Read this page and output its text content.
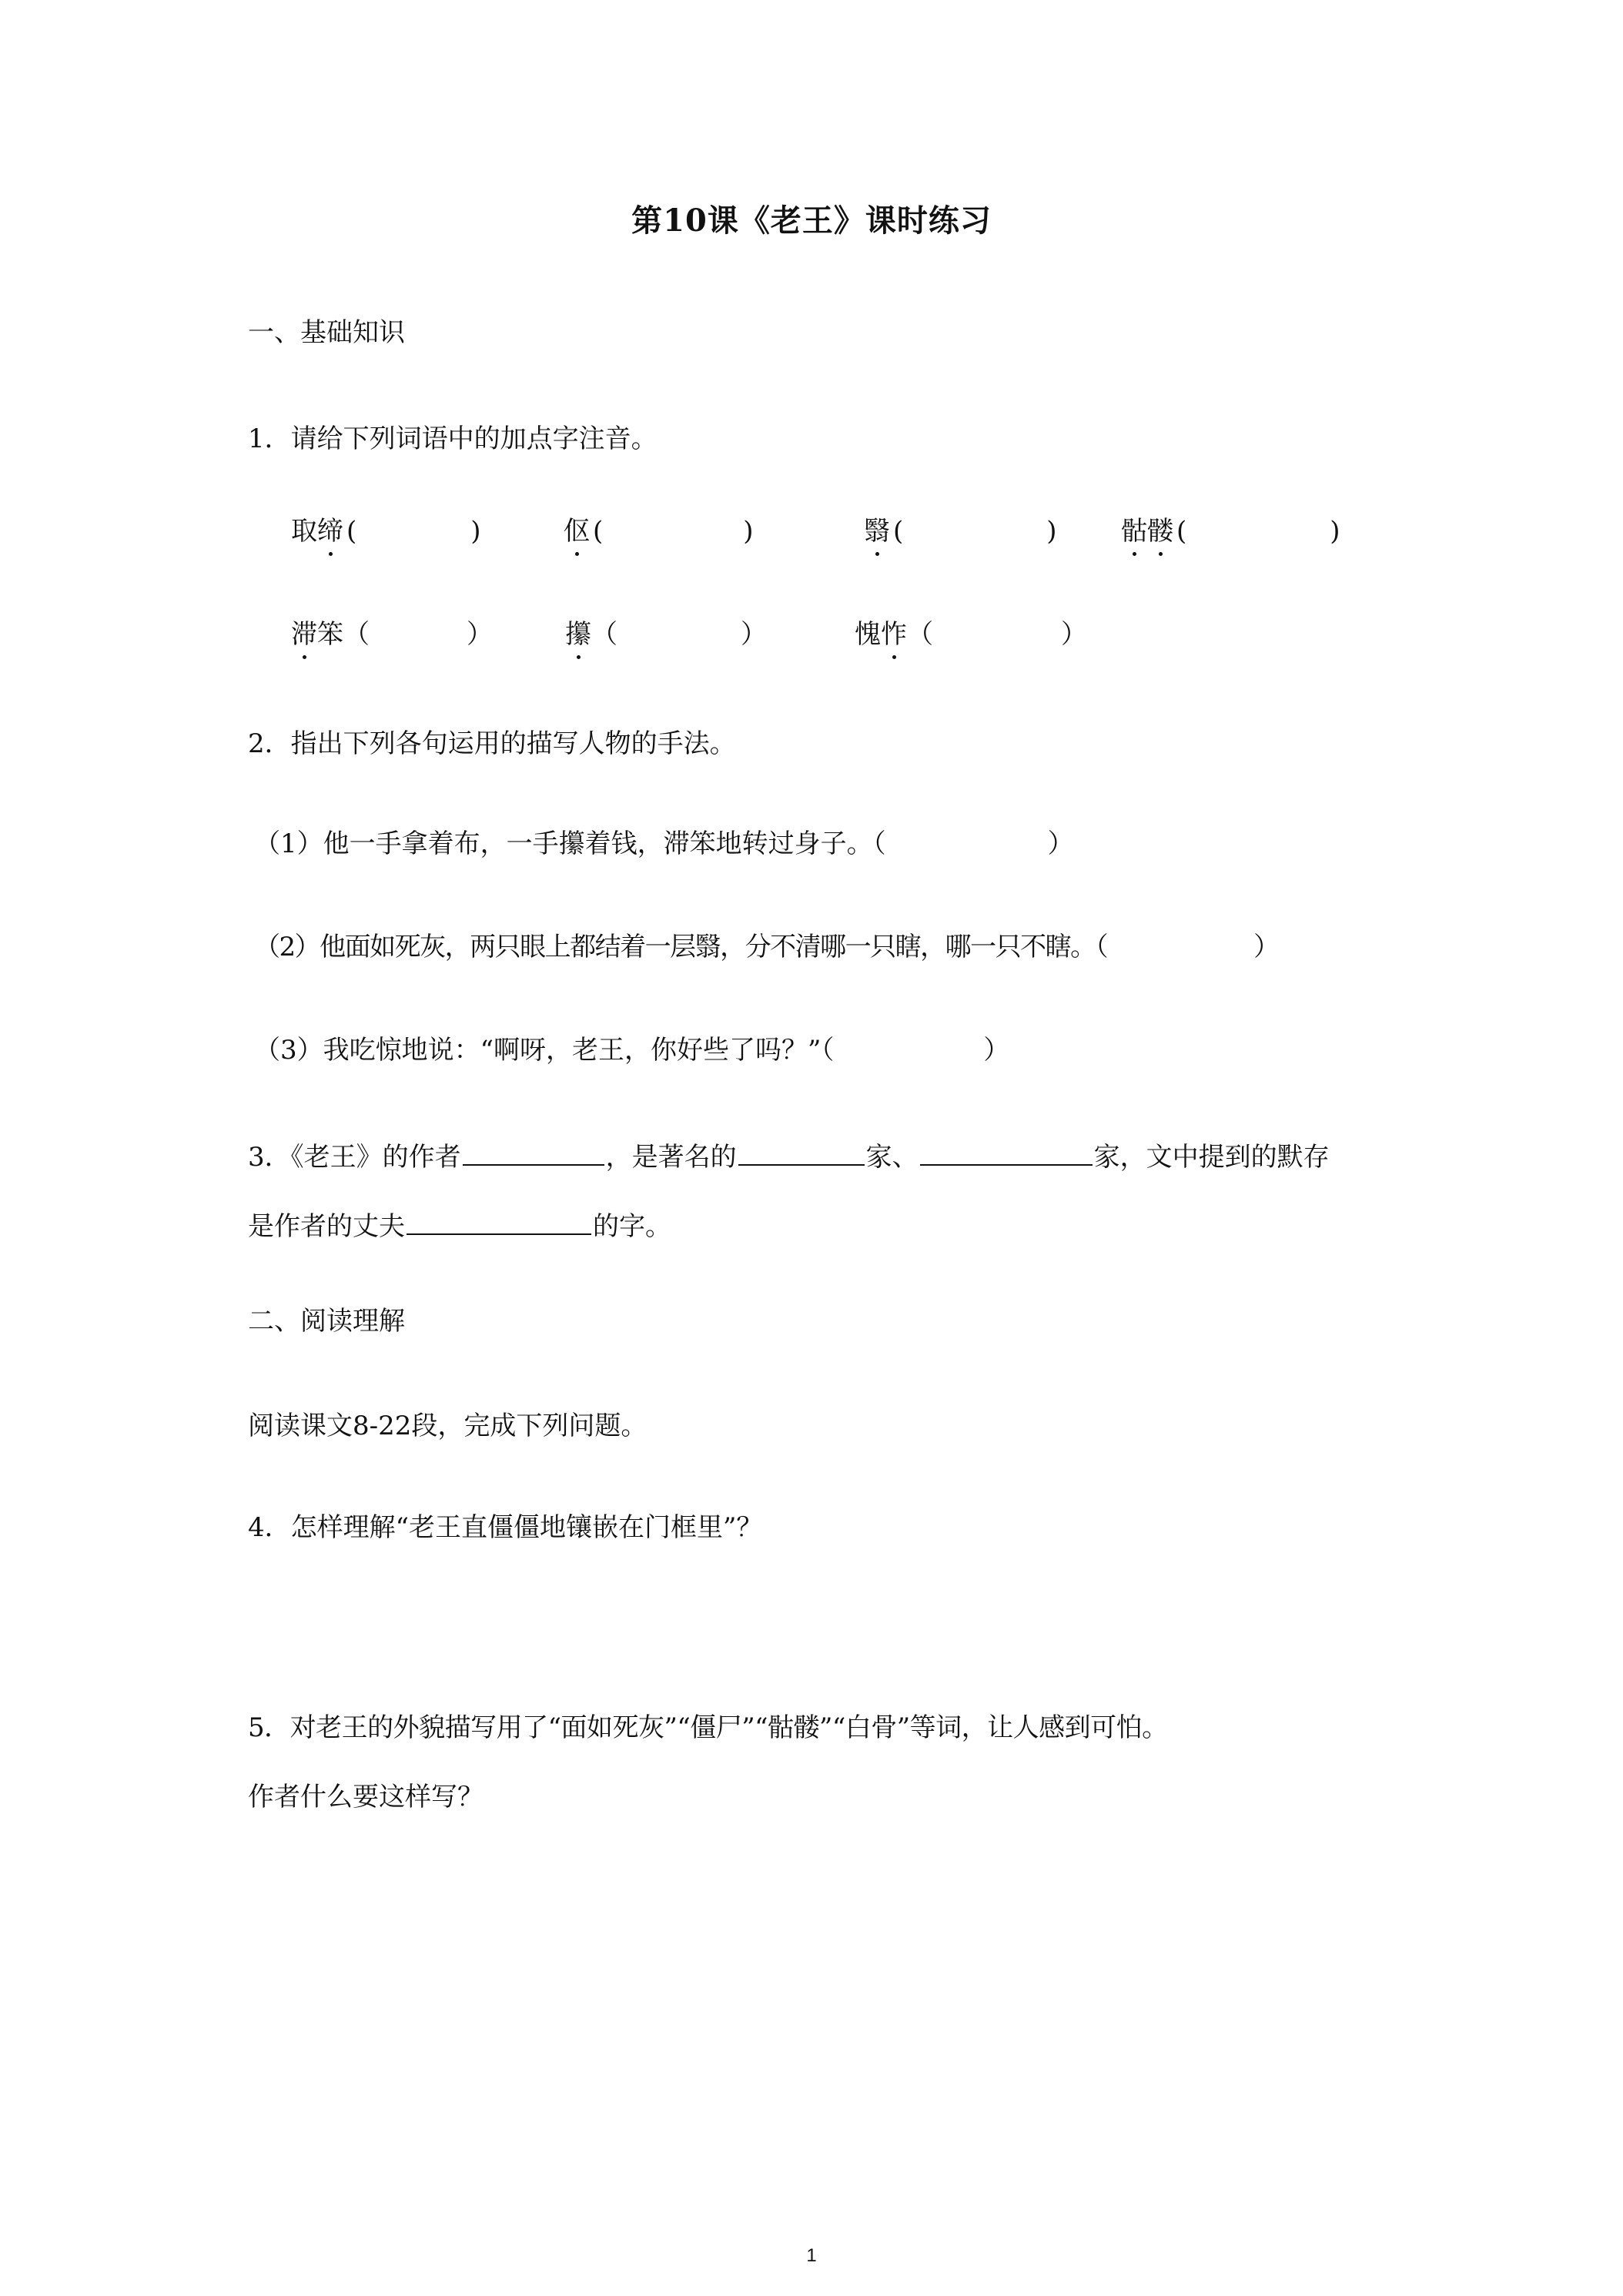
第10课《老王》课时练习
一、基础知识
1．请给下列词语中的加点字注音。
取缔 (	)	伛 (	)	翳 (	) 骷髅 (	)
滞笨（	）	攥（	）	愧怍（	）
2．指出下列各句运用的描写人物的手法。
（1）他一手拿着布，一手攥着钱，滞笨地转过身子。（	）
（2）他面如死灰，两只眼上都结着一层翳，分不清哪一只瞎，哪一只不瞎。（	）
（3）我吃惊地说：“啊呀，老王，你好些了吗？”（	）
3．《老王》的作者	，是著名的	家、	家，文中提到的默存
是作者的丈夫	的字。
二、阅读理解
阅读课文8-22段，完成下列问题。
4．怎样理解“老王直僵僵地镶嵌在门框里”？
5．对老王的外貌描写用了“面如死灰”“僵尸”“骷髅”“白骨”等词，让人感到可怕。
作者什么要这样写？
1
